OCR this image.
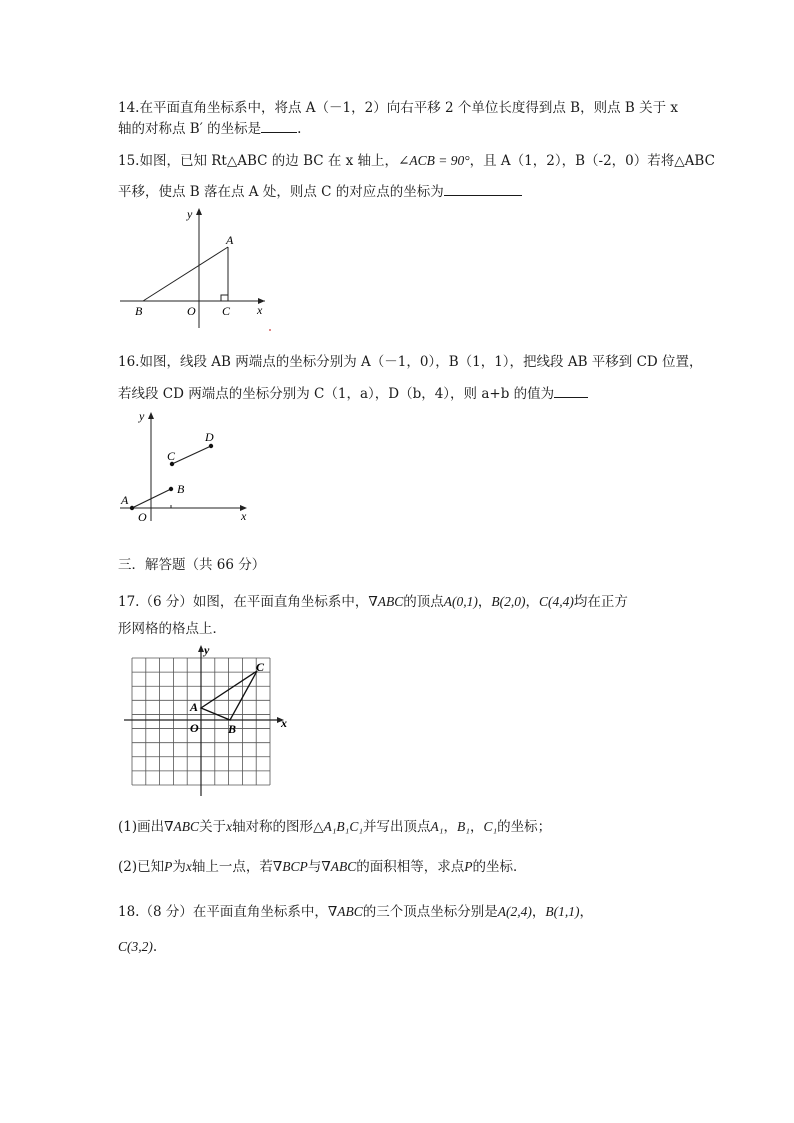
14.在平面直角坐标系中，将点 A（－1，2）向右平移 2 个单位长度得到点 B，则点 B 关于 x
轴的对称点 B′ 的坐标是	.
15.如图，已知 Rt△ABC 的边 BC 在 x 轴上，∠ACB = 90°，且 A（1，2），B（-2，0）若将△ABC
平移，使点 B 落在点 A 处，则点 C 的对应点的坐标为
y
A
B	O C x
16.如图，线段 AB 两端点的坐标分别为 A（－1，0），B（1，1），把线段 AB 平移到 CD 位置，
若线段 CD 两端点的坐标分别为 C（1，a），D（b，4），则 a+b 的值为
y
D
C
B
A
O	x
三．解答题（共 66 分）
17.（6 分）如图，在平面直角坐标系中，∇ABC的顶点A(0,1)，B(2,0)，C(4,4)均在正方
形网格的格点上．
y
x
A
O B
C
(1)画出∇ABC关于x轴对称的图形△A₁B₁C₁并写出顶点A₁，B₁，C₁的坐标；
(2)已知P为x轴上一点，若∇BCP与∇ABC的面积相等，求点P的坐标．
18.（8 分）在平面直角坐标系中，∇ABC的三个顶点坐标分别是A(2,4)，B(1,1)，
C(3,2).
